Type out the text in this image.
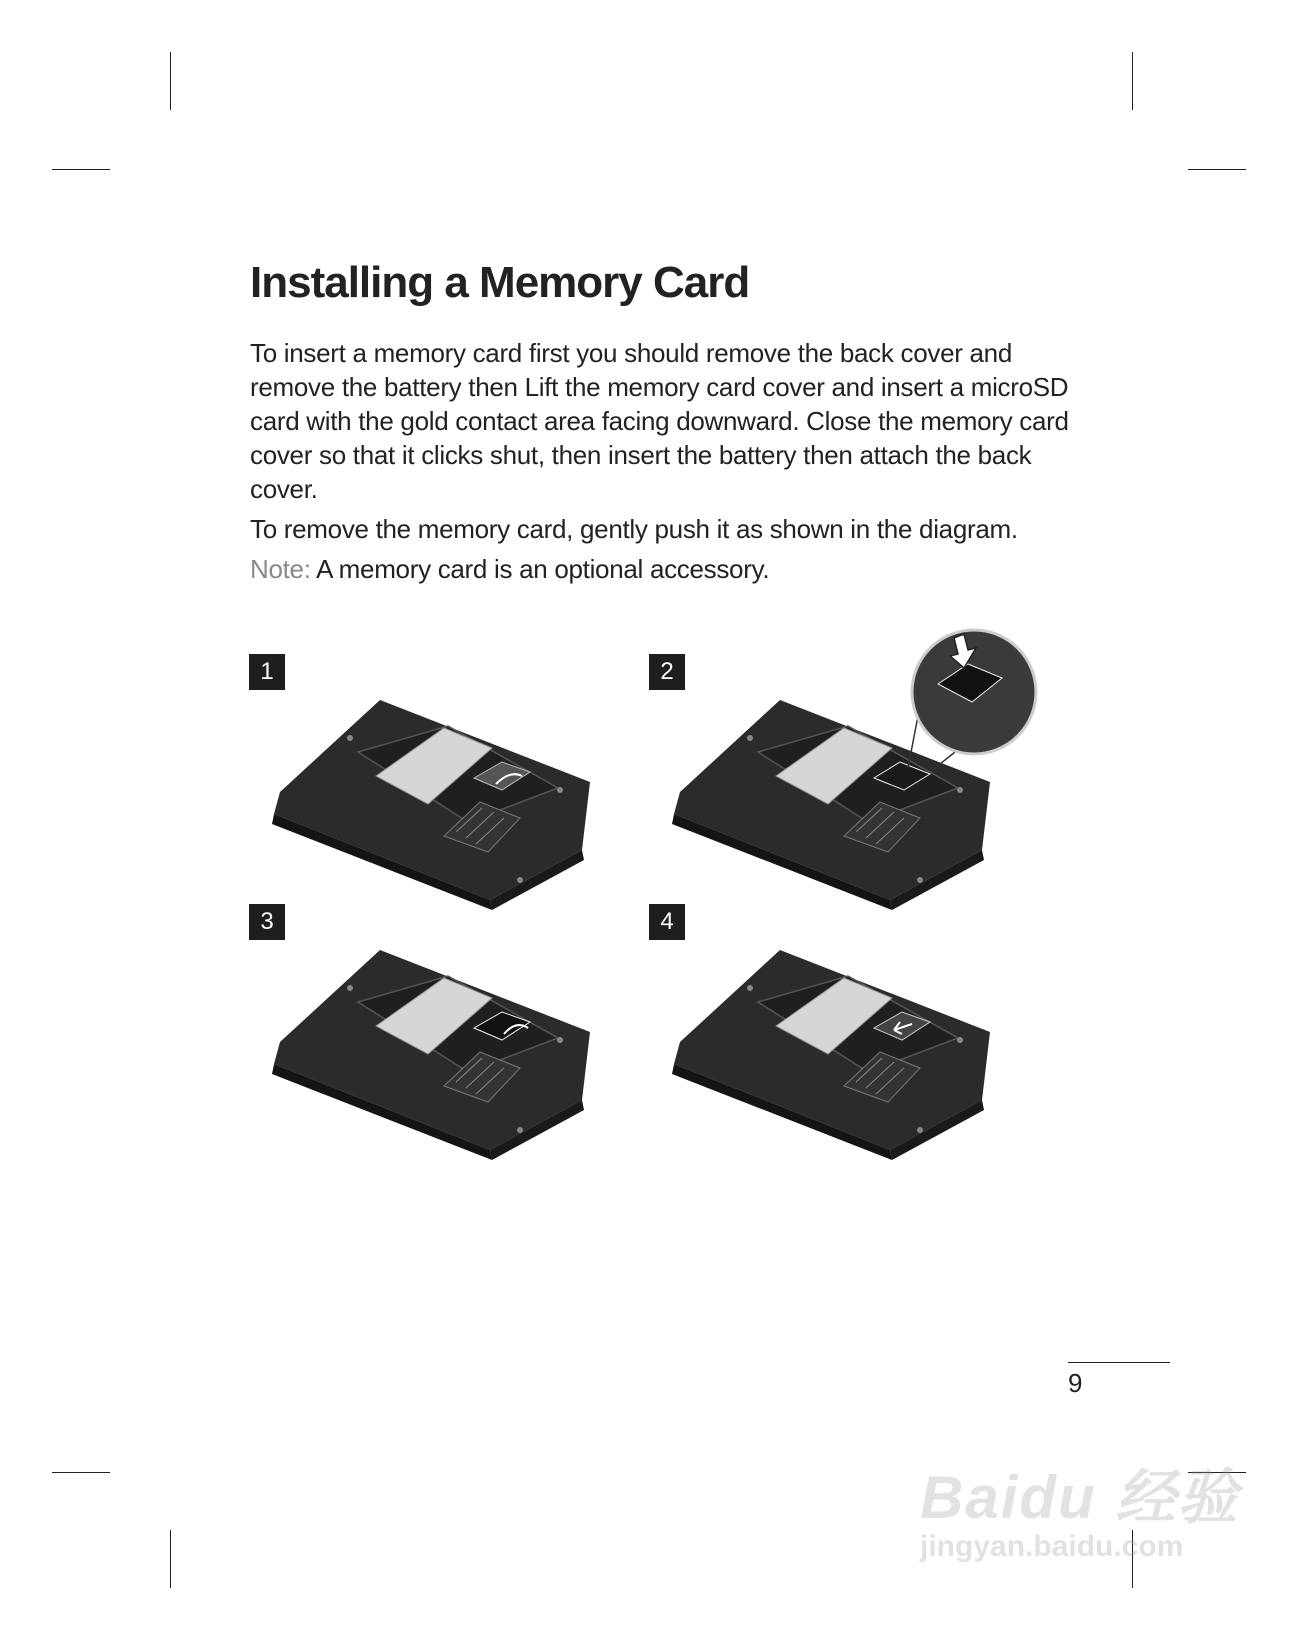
Installing a Memory Card

To insert a memory card first you should remove the back cover and remove the battery then Lift the memory card cover and insert a microSD card with the gold contact area facing downward. Close the memory card cover so that it clicks shut, then insert the battery then attach the back cover.

To remove the memory card, gently push it as shown in the diagram.

Note: A memory card is an optional accessory.

1	2
3	4
9
Baidu 经验
jingyan.baidu.com
